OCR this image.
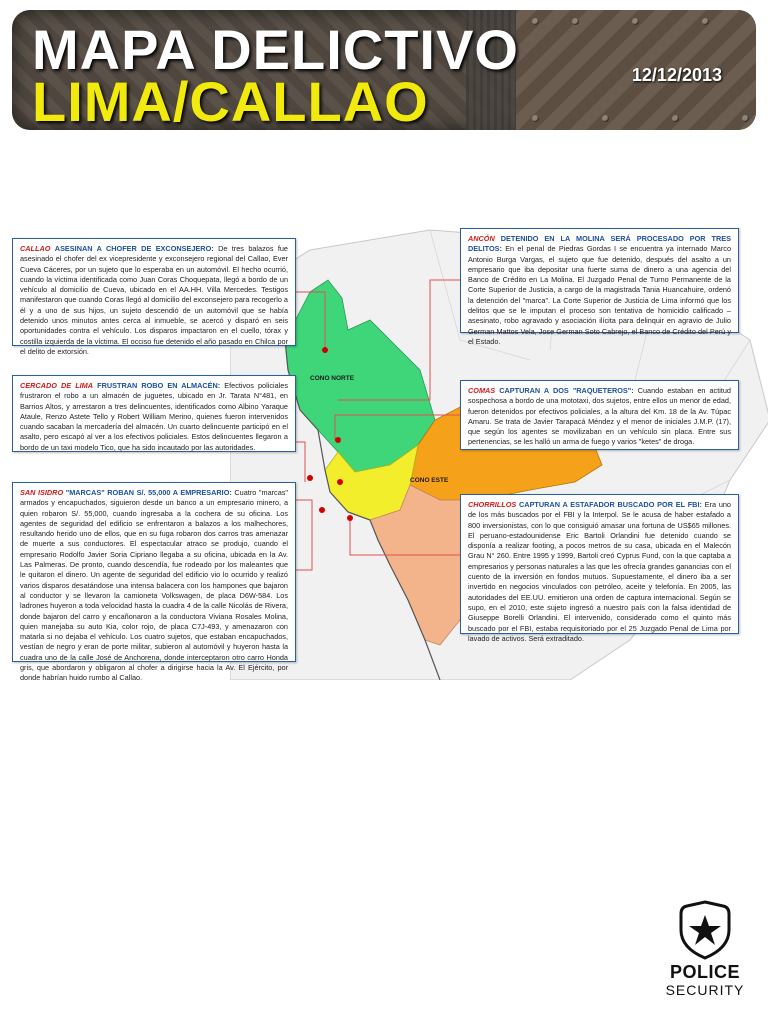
MAPA DELICTIVO
LIMA/CALLAO	12/12/2013
CONO NORTE
CONO ESTE
CALLAO ASESINAN A CHOFER DE EXCONSEJERO: De tres balazos fue asesinado el chofer del ex vicepresidente y exconsejero regional del Callao, Ever Cueva Cáceres, por un sujeto que lo esperaba en un automóvil. El hecho ocurrió, cuando la víctima identificada como Juan Coras Choquepata, llegó a bordo de un vehículo al domicilio de Cueva, ubicado en el AA.HH. Villa Mercedes. Testigos manifestaron que cuando Coras llegó al domicilio del exconsejero para recogerlo a él y a uno de sus hijos, un sujeto descendió de un automóvil que se había detenido unos minutos antes cerca al inmueble, se acercó y disparó en seis oportunidades contra el vehículo. Los disparos impactaron en el cuello, tórax y costilla izquierda de la víctima. El occiso fue detenido el año pasado en Chilca por el delito de extorsión.
CERCADO DE LIMA FRUSTRAN ROBO EN ALMACÉN: Efectivos policiales frustraron el robo a un almacén de juguetes, ubicado en Jr. Tarata N°481, en Barrios Altos, y arrestaron a tres delincuentes, identificados como Albino Yaraque Ataule, Renzo Astete Tello y Robert William Merino, quienes fueron intervenidos cuando sacaban la mercadería del almacén. Un cuarto delincuente participó en el asalto, pero escapó al ver a los efectivos policiales. Estos delincuentes llegaron a bordo de un taxi modelo Tico, que ha sido incautado por las autoridades.
SAN ISIDRO "MARCAS" ROBAN S/. 55,000 A EMPRESARIO: Cuatro "marcas" armados y encapuchados, siguieron desde un banco a un empresario minero, a quien robaron S/. 55,000, cuando ingresaba a la cochera de su oficina. Los agentes de seguridad del edificio se enfrentaron a balazos a los malhechores, resultando herido uno de ellos, que en su fuga robaron dos carros tras amenazar de muerte a sus conductores. El espectacular atraco se produjo, cuando el empresario Rodolfo Javier Soria Cipriano llegaba a su oficina, ubicada en la Av. Las Palmeras. De pronto, cuando descendía, fue rodeado por los maleantes que le quitaron el dinero. Un agente de seguridad del edificio vio lo ocurrido y realizó varios disparos desatándose una intensa balacera con los hampones que bajaron al conductor y se llevaron la camioneta Volkswagen, de placa D6W-584. Los ladrones huyeron a toda velocidad hasta la cuadra 4 de la calle Nicolás de Rivera, donde bajaron del carro y encañonaron a la conductora Viviana Rosales Molina, quien manejaba su auto Kia, color rojo, de placa C7J-493, y amenazaron con matarla si no dejaba el vehículo. Los cuatro sujetos, que estaban encapuchados, vestían de negro y eran de porte militar, subieron al automóvil y huyeron hasta la cuadra uno de la calle José de Anchorena, donde interceptaron otro carro Honda gris, que abordaron y obligaron al chofer a dirigirse hacia la Av. El Ejército, por donde habrían huido rumbo al Callao.
ANCÓN DETENIDO EN LA MOLINA SERÁ PROCESADO POR TRES DELITOS: En el penal de Piedras Gordas I se encuentra ya internado Marco Antonio Burga Vargas, el sujeto que fue detenido, después del asalto a un empresario que iba depositar una fuerte suma de dinero a una agencia del Banco de Crédito en La Molina. El Juzgado Penal de Turno Permanente de la Corte Superior de Justicia, a cargo de la magistrada Tania Huancahuire, ordenó la detención del "marca". La Corte Superior de Justicia de Lima informó que los delitos que se le imputan el proceso son tentativa de homicidio calificado – asesinato, robo agravado y asociación ilícita para delinquir en agravio de Julio German Mattos Vela, Jose German Soto Cabrejo, el Banco de Crédito del Perú y el Estado.
COMAS CAPTURAN A DOS "RAQUETEROS": Cuando estaban en actitud sospechosa a bordo de una mototaxi, dos sujetos, entre ellos un menor de edad, fueron detenidos por efectivos policiales, a la altura del Km. 18 de la Av. Túpac Amaru. Se trata de Javier Tarapacá Méndez y el menor de iniciales J.M.P. (17), que según los agentes se movilizaban en un vehículo sin placa. Entre sus pertenencias, se les halló un arma de fuego y varios "ketes" de droga.
CHORRILLOS CAPTURAN A ESTAFADOR BUSCADO POR EL FBI: Era uno de los más buscados por el FBI y la Interpol. Se le acusa de haber estafado a 800 inversionistas, con lo que consiguió amasar una fortuna de US$65 millones. El peruano-estadounidense Eric Bartoli Orlandini fue detenido cuando se disponía a realizar footing, a pocos metros de su casa, ubicada en el Malecón Grau N° 260. Entre 1995 y 1999, Bartoli creó Cyprus Fund, con la que captaba a empresarios y personas naturales a las que les ofrecía grandes ganancias con el cuento de la inversión en fondos mutuos. Supuestamente, el dinero iba a ser invertido en negocios vinculados con petróleo, aceite y telefonía. En 2005, las autoridades del EE.UU. emitieron una orden de captura internacional. Según se supo, en el 2010, este sujeto ingresó a nuestro país con la falsa identidad de Giuseppe Borelli Orlandini. El intervenido, considerado como el quinto más buscado por el FBI, estaba requisitoriado por el 25 Juzgado Penal de Lima por lavado de activos. Será extraditado.
POLICE
SECURITY
